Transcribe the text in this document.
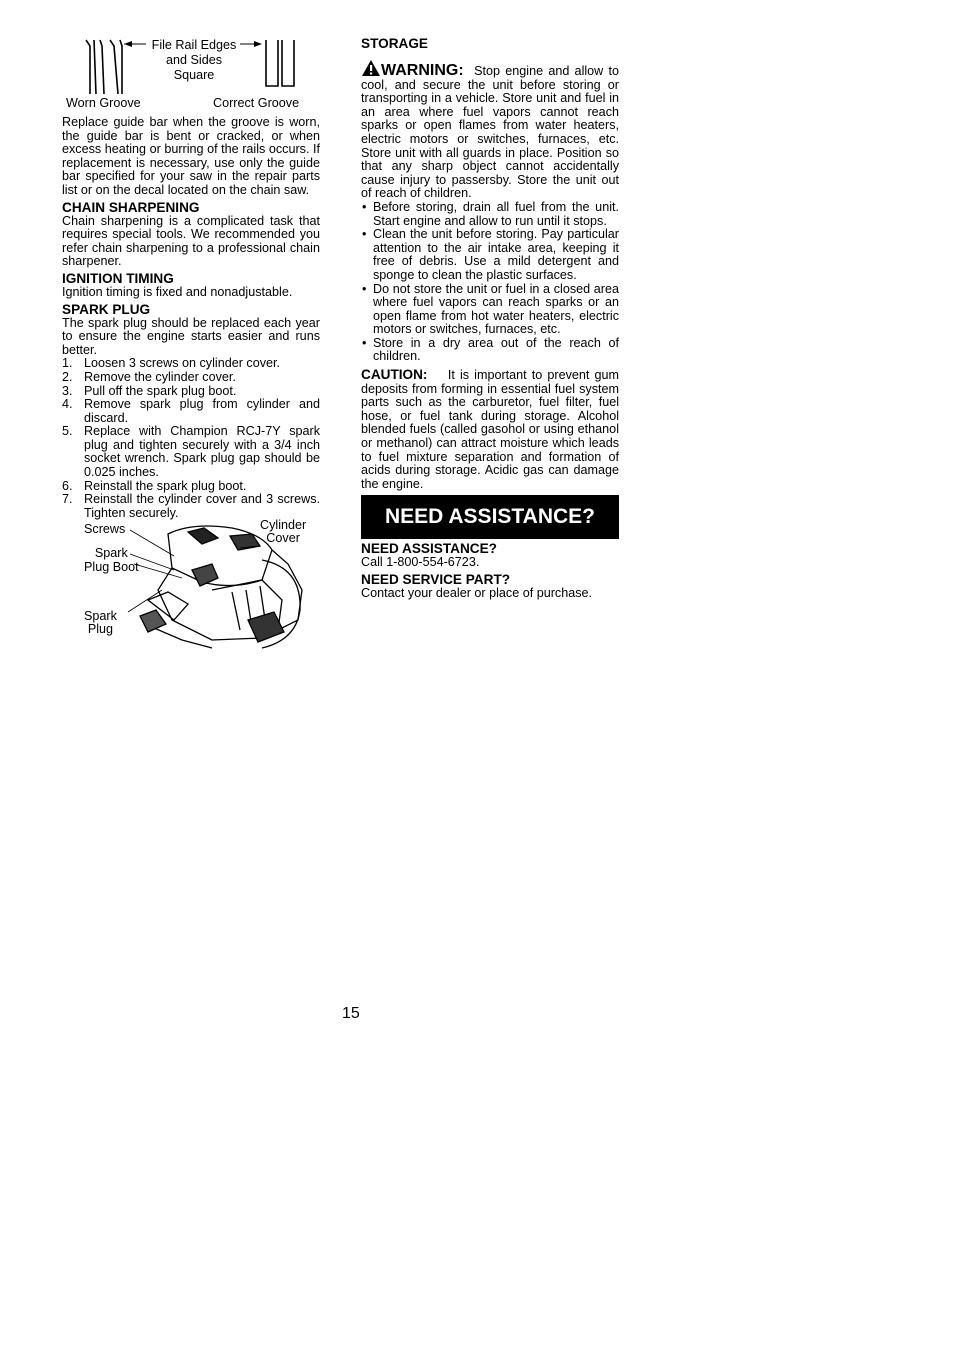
File Rail Edges
and Sides
Square
Worn Groove	Correct Groove

Replace guide bar when the groove is worn, the guide bar is bent or cracked, or when excess heating or burring of the rails occurs. If replacement is necessary, use only the guide bar specified for your saw in the repair parts list or on the decal located on the chain saw.

CHAIN SHARPENING

Chain sharpening is a complicated task that requires special tools. We recommended you refer chain sharpening to a professional chain sharpener.

IGNITION TIMING

Ignition timing is fixed and nonadjustable.

SPARK PLUG

The spark plug should be replaced each year to ensure the engine starts easier and runs better.

1. Loosen 3 screws on cylinder cover.
2. Remove the cylinder cover.
3. Pull off the spark plug boot.
4. Remove spark plug from cylinder and discard.
5. Replace with Champion RCJ-7Y spark plug and tighten securely with a 3/4 inch socket wrench. Spark plug gap should be 0.025 inches.
6. Reinstall the spark plug boot.
7. Reinstall the cylinder cover and 3 screws. Tighten securely.
Screws	Cylinder
Cover
Spark
Plug Boot
Spark
Plug
STORAGE

WARNING: Stop engine and allow to cool, and secure the unit before storing or transporting in a vehicle. Store unit and fuel in an area where fuel vapors cannot reach sparks or open flames from water heaters, electric motors or switches, furnaces, etc. Store unit with all guards in place. Position so that any sharp object cannot accidentally cause injury to passersby. Store the unit out of reach of children.

• Before storing, drain all fuel from the unit. Start engine and allow to run until it stops.
• Clean the unit before storing. Pay particular attention to the air intake area, keeping it free of debris. Use a mild detergent and sponge to clean the plastic surfaces.
• Do not store the unit or fuel in a closed area where fuel vapors can reach sparks or an open flame from hot water heaters, electric motors or switches, furnaces, etc.
• Store in a dry area out of the reach of children.

CAUTION: It is important to prevent gum deposits from forming in essential fuel system parts such as the carburetor, fuel filter, fuel hose, or fuel tank during storage. Alcohol blended fuels (called gasohol or using ethanol or methanol) can attract moisture which leads to fuel mixture separation and formation of acids during storage. Acidic gas can damage the engine.

NEED ASSISTANCE?
NEED ASSISTANCE?

Call 1-800-554-6723.

NEED SERVICE PART?

Contact your dealer or place of purchase.

15
